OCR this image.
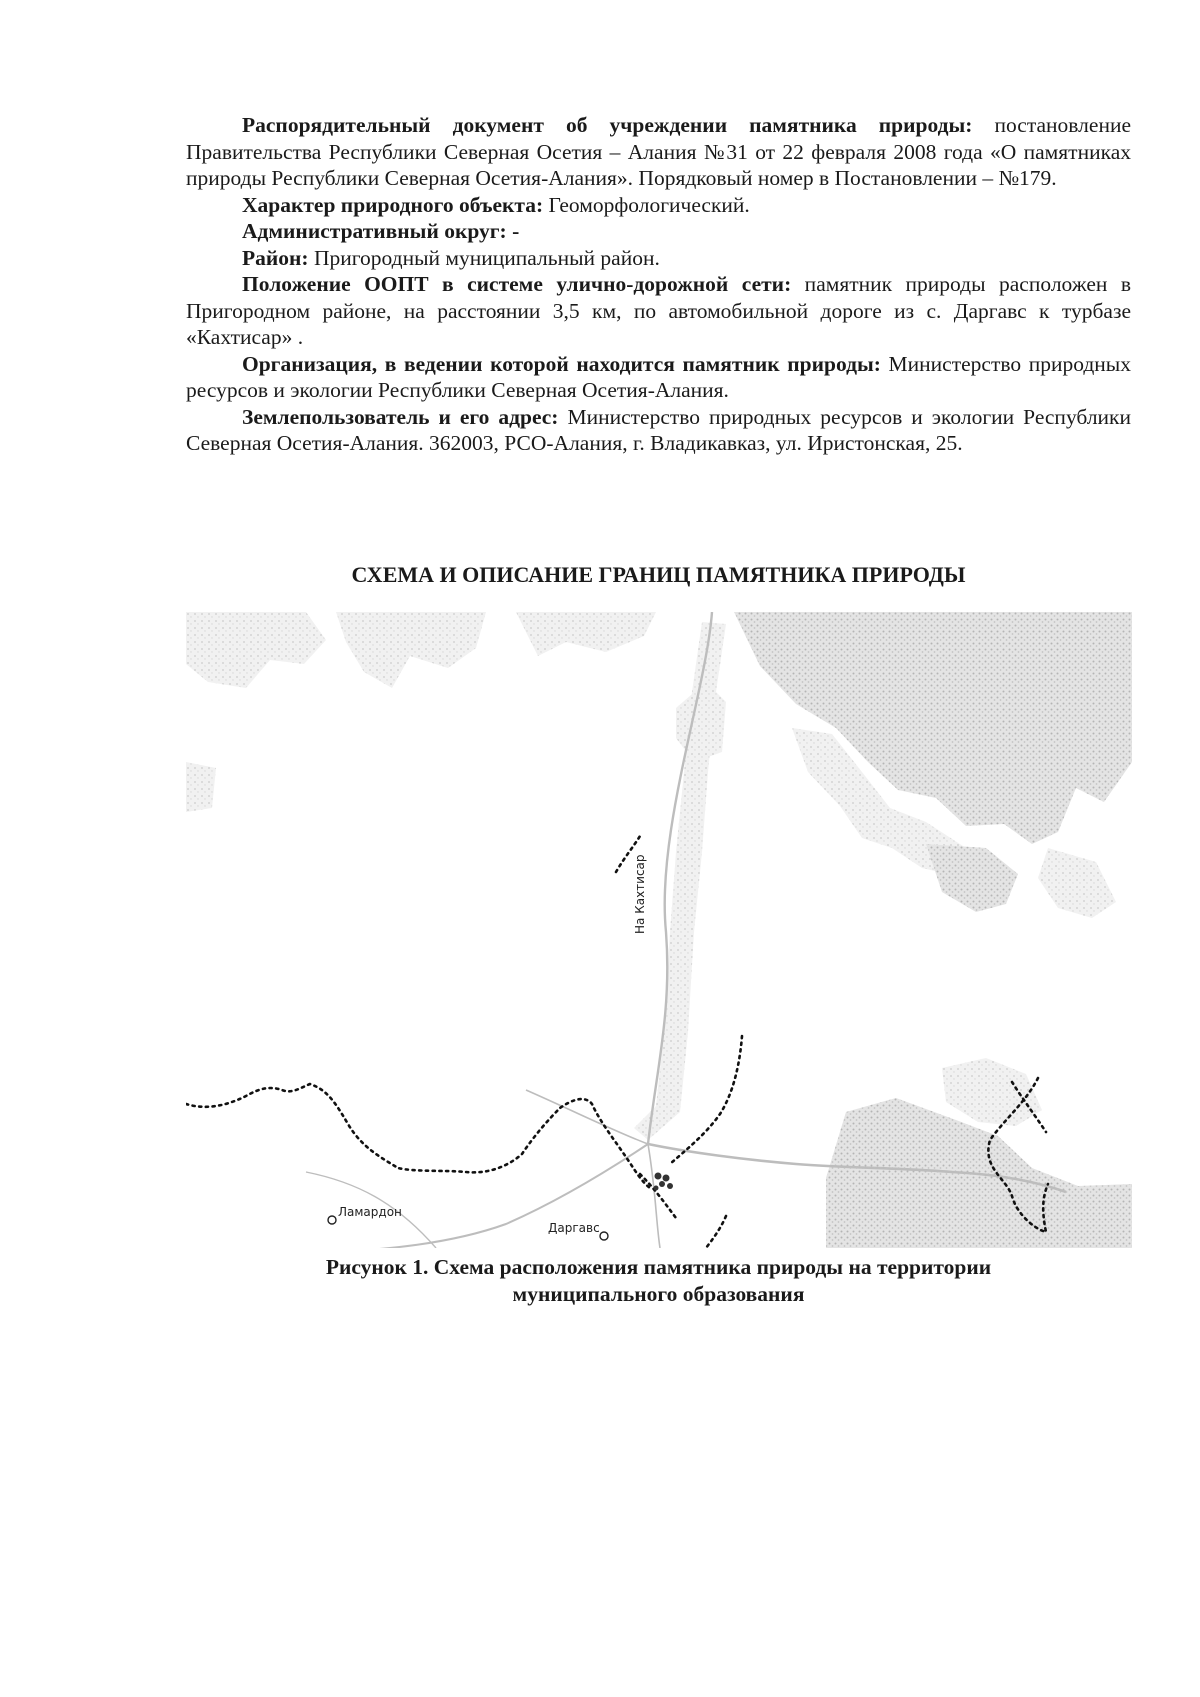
Распорядительный документ об учреждении памятника природы: постановление Правительства Республики Северная Осетия – Алания №31 от 22 февраля 2008 года «О памятниках природы Республики Северная Осетия-Алания». Порядковый номер в Постановлении – №179.

Характер природного объекта: Геоморфологический.

Административный округ: -

Район: Пригородный муниципальный район.

Положение ООПТ в системе улично-дорожной сети: памятник природы расположен в Пригородном районе, на расстоянии 3,5 км, по автомобильной дороге из с. Даргавс к турбазе «Кахтисар» .

Организация, в ведении которой находится памятник природы: Министерство природных ресурсов и экологии Республики Северная Осетия-Алания.

Землепользователь и его адрес: Министерство природных ресурсов и экологии Республики Северная Осетия-Алания. 362003, РСО-Алания, г. Владикавказ, ул. Иристонская, 25.

СХЕМА И ОПИСАНИЕ ГРАНИЦ ПАМЯТНИКА ПРИРОДЫ
На Кахтисар
Ламардон
Даргавс
Рисунок 1. Схема расположения памятника природы на территории
муниципального образования
